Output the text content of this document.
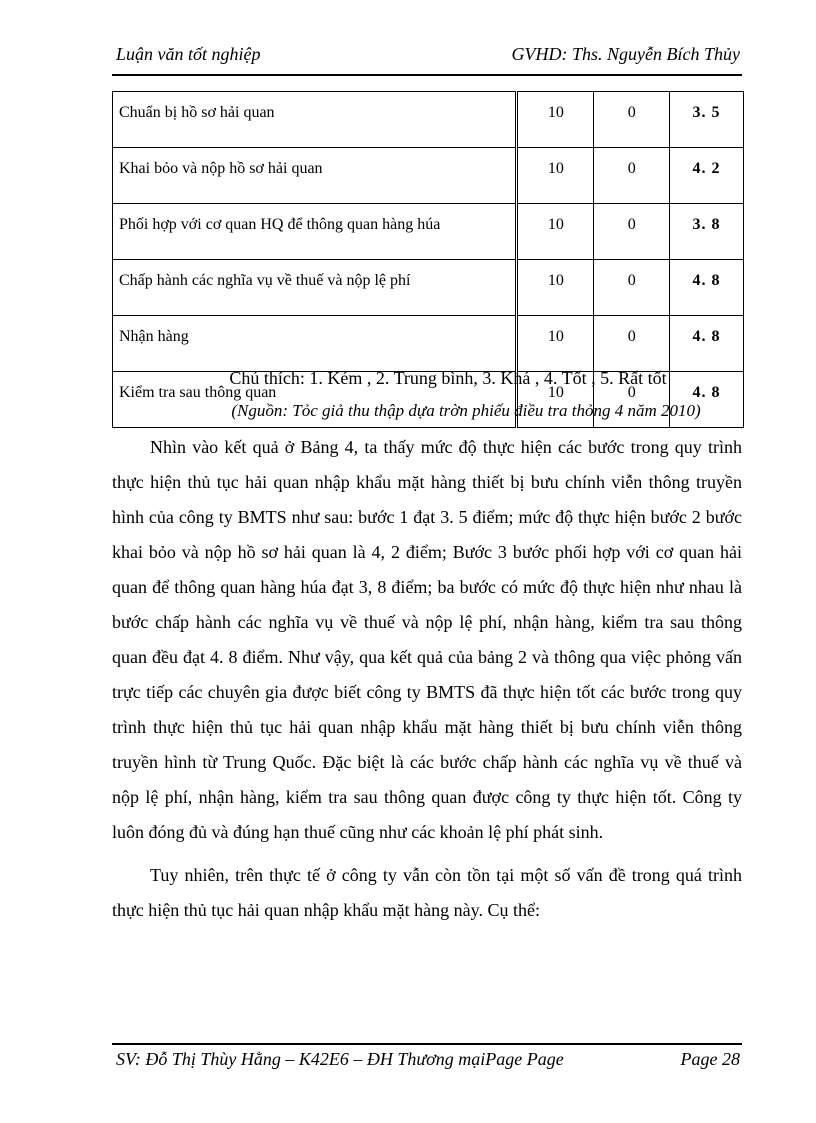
Luận văn tốt nghiệp	GVHD: Ths. Nguyễn Bích Thủy
Chuẩn bị hồ sơ hải quan	10	0	3. 5
Khai bỏo và nộp hồ sơ hải quan	10	0	4. 2
Phối hợp với cơ quan HQ để thông quan hàng húa	10	0	3. 8
Chấp hành các nghĩa vụ về thuế và nộp lệ phí	10	0	4. 8
Nhận hàng	10	0	4. 8
Kiểm tra sau thông quan	10	0	4. 8
Chú thích: 1. Kém , 2. Trung bình, 3. Khá , 4. Tốt , 5. Rất tốt
(Nguồn: Tỏc giả thu thập dựa trờn phiếu điều tra thỏng 4 năm 2010)

Nhìn vào kết quả ở Bảng 4, ta thấy mức độ thực hiện các bước trong quy trình thực hiện thủ tục hải quan nhập khẩu mặt hàng thiết bị bưu chính viễn thông truyền hình của công ty BMTS như sau: bước 1 đạt 3. 5 điểm; mức độ thực hiện bước 2 bước khai bỏo và nộp hồ sơ hải quan là 4, 2 điểm; Bước 3 bước phối hợp với cơ quan hải quan để thông quan hàng húa đạt 3, 8 điểm; ba bước có mức độ thực hiện như nhau là bước chấp hành các nghĩa vụ về thuế và nộp lệ phí, nhận hàng, kiểm tra sau thông quan đều đạt 4. 8 điểm. Như vậy, qua kết quả của bảng 2 và thông qua việc phỏng vấn trực tiếp các chuyên gia được biết công ty BMTS đã thực hiện tốt các bước trong quy trình thực hiện thủ tục hải quan nhập khẩu mặt hàng thiết bị bưu chính viễn thông truyền hình từ Trung Quốc. Đặc biệt là các bước chấp hành các nghĩa vụ về thuế và nộp lệ phí, nhận hàng, kiểm tra sau thông quan được công ty thực hiện tốt. Công ty luôn đóng đủ và đúng hạn thuế cũng như các khoản lệ phí phát sinh.

Tuy nhiên, trên thực tế ở công ty vẫn còn tồn tại một số vấn đề trong quá trình thực hiện thủ tục hải quan nhập khẩu mặt hàng này. Cụ thể:

SV: Đỗ Thị Thùy Hằng – K42E6 – ĐH Thương mạiPage Page	Page 28
